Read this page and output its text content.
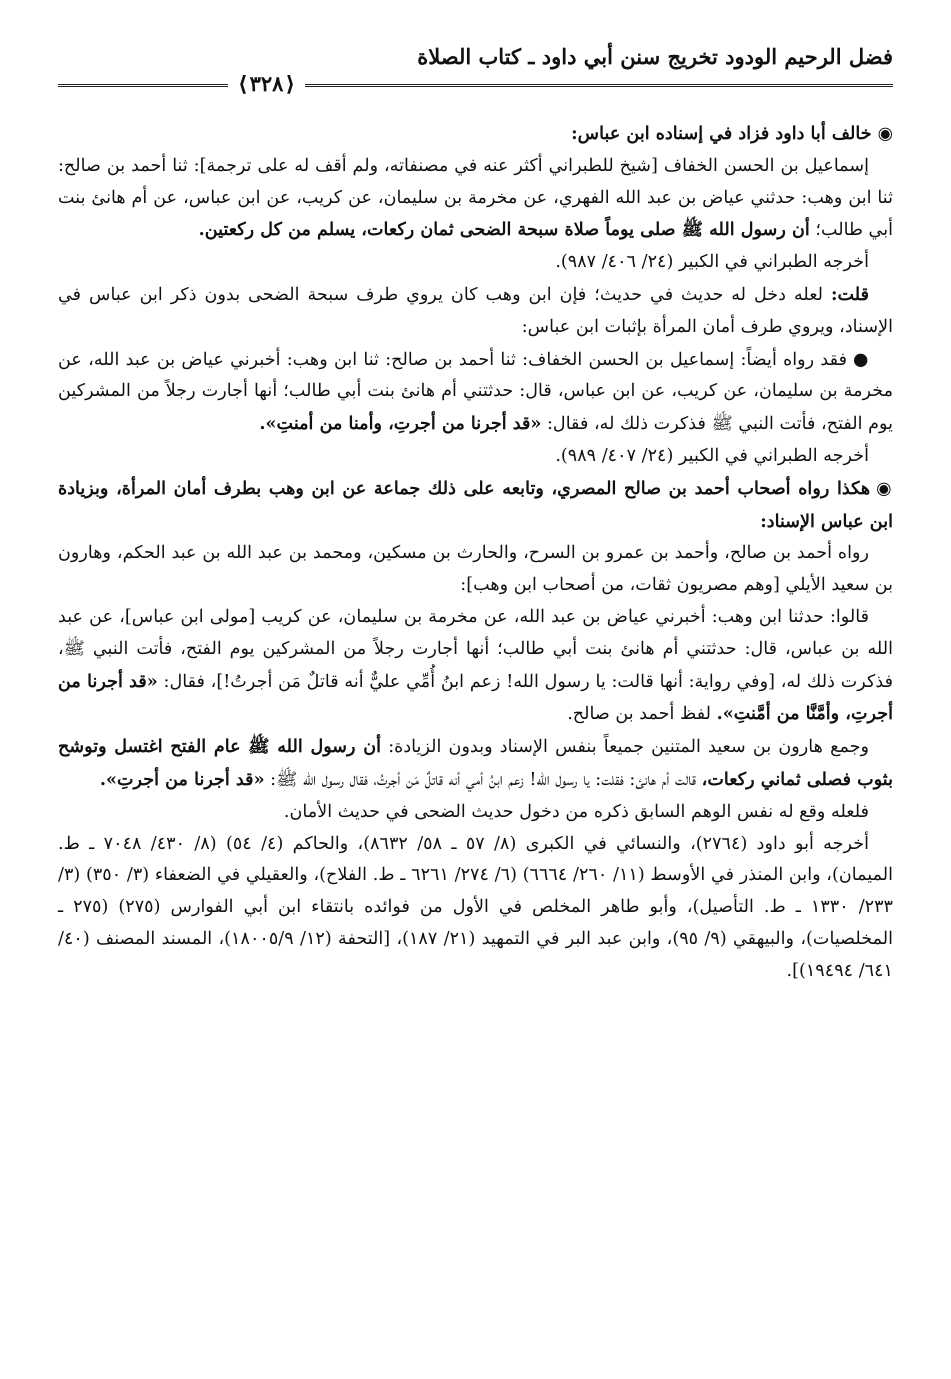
فضل الرحيم الودود تخريج سنن أبي داود ـ كتاب الصلاة
⟨ ٣٢٨ ⟩

◉خالف أبا داود فزاد في إسناده ابن عباس:

إسماعيل بن الحسن الخفاف [شيخ للطبراني أكثر عنه في مصنفاته، ولم أقف له على ترجمة]: ثنا أحمد بن صالح: ثنا ابن وهب: حدثني عياض بن عبد الله الفهري، عن مخرمة بن سليمان، عن كريب، عن ابن عباس، عن أم هانئ بنت أبي طالب؛ أن رسول الله ﷺ صلى يوماً صلاة سبحة الضحى ثمان ركعات، يسلم من كل ركعتين.

أخرجه الطبراني في الكبير (٢٤/ ٤٠٦/ ٩٨٧).

قلت: لعله دخل له حديث في حديث؛ فإن ابن وهب كان يروي طرف سبحة الضحى بدون ذكر ابن عباس في الإسناد، ويروي طرف أمان المرأة بإثبات ابن عباس:

●فقد رواه أيضاً: إسماعيل بن الحسن الخفاف: ثنا أحمد بن صالح: ثنا ابن وهب: أخبرني عياض بن عبد الله، عن مخرمة بن سليمان، عن كريب، عن ابن عباس، قال: حدثتني أم هانئ بنت أبي طالب؛ أنها أجارت رجلاً من المشركين يوم الفتح، فأتت النبي ﷺ فذكرت ذلك له، فقال: «قد أجرنا من أجرتِ، وأمنا من أمنتِ».

أخرجه الطبراني في الكبير (٢٤/ ٤٠٧/ ٩٨٩).

◉هكذا رواه أصحاب أحمد بن صالح المصري، وتابعه على ذلك جماعة عن ابن وهب بطرف أمان المرأة، وبزيادة ابن عباس الإسناد:

رواه أحمد بن صالح، وأحمد بن عمرو بن السرح، والحارث بن مسكين، ومحمد بن عبد الله بن عبد الحكم، وهارون بن سعيد الأيلي [وهم مصريون ثقات، من أصحاب ابن وهب]:

قالوا: حدثنا ابن وهب: أخبرني عياض بن عبد الله، عن مخرمة بن سليمان، عن كريب [مولى ابن عباس]، عن عبد الله بن عباس، قال: حدثتني أم هانئ بنت أبي طالب؛ أنها أجارت رجلاً من المشركين يوم الفتح، فأتت النبي ﷺ، فذكرت ذلك له، [وفي رواية: أنها قالت: يا رسول الله! زعم ابنُ أُمِّي عليٌّ أنه قاتلٌ مَن أجرتُ!]، فقال: «قد أجرنا من أجرتِ، وأمَّنَّا من أمَّنتِ». لفظ أحمد بن صالح.

وجمع هارون بن سعيد المتنين جميعاً بنفس الإسناد وبدون الزيادة: أن رسول الله ﷺ عام الفتح اغتسل وتوشح بثوب فصلى ثماني ركعات، قالت أم هانئ: فقلت: يا رسول الله! زعم ابنُ أمي أنه قاتلٌ مَن أجرتُ، فقال رسول الله ﷺ: «قد أجرنا من أجرتِ».

فلعله وقع له نفس الوهم السابق ذكره من دخول حديث الضحى في حديث الأمان.

أخرجه أبو داود (٢٧٦٤)، والنسائي في الكبرى (٨/ ٥٧ ـ ٥٨/ ٨٦٣٢)، والحاكم (٤/ ٥٤) (٨/ ٤٣٠/ ٧٠٤٨ ـ ط. الميمان)، وابن المنذر في الأوسط (١١/ ٢٦٠/ ٦٦٦٤) (٦/ ٢٧٤/ ٦٢٦١ ـ ط. الفلاح)، والعقيلي في الضعفاء (٣/ ٣٥٠) (٣/ ٢٣٣/ ١٣٣٠ ـ ط. التأصيل)، وأبو طاهر المخلص في الأول من فوائده بانتقاء ابن أبي الفوارس (٢٧٥) (٢٧٥ ـ المخلصيات)، والبيهقي (٩/ ٩٥)، وابن عبد البر في التمهيد (٢١/ ١٨٧)، [التحفة (١٢/ ١٨٠٠٥/٩)، المسند المصنف (٤٠/ ٦٤١/ ١٩٤٩٤)].
